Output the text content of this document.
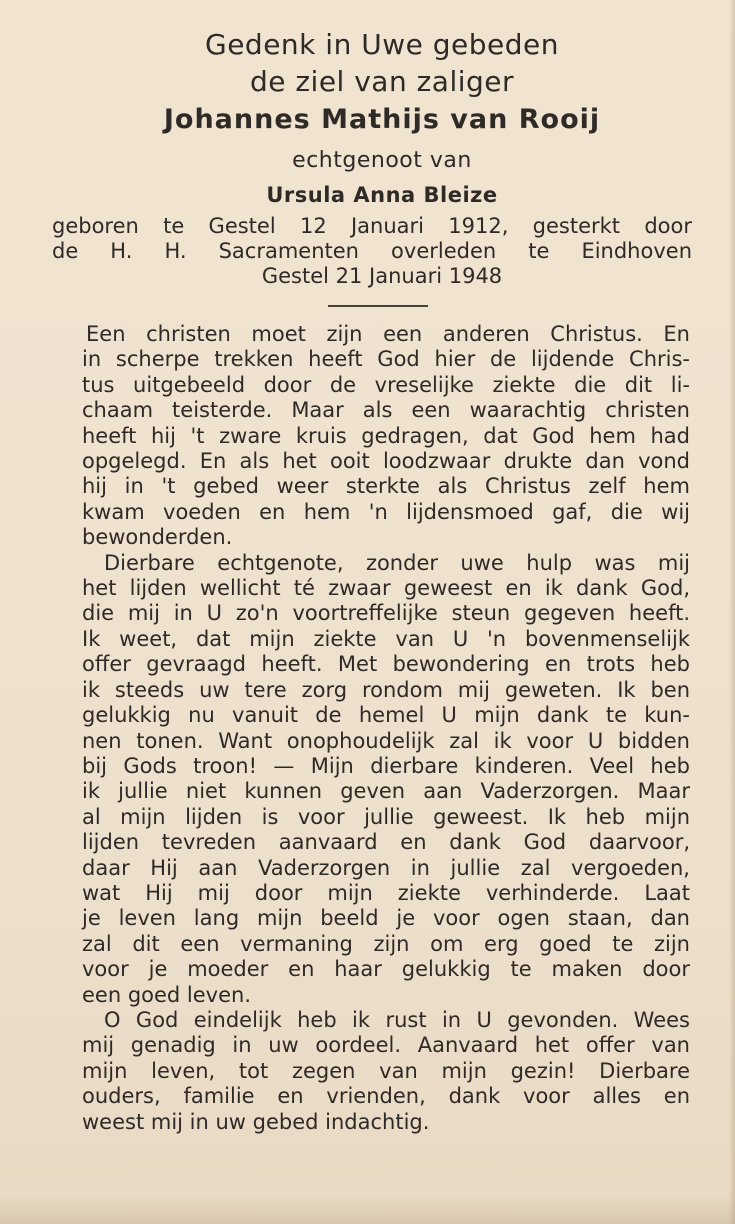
Gedenk in Uwe gebeden
de ziel van zaliger
Johannes Mathijs van Rooij
echtgenoot van
Ursula Anna Bleize
geboren te Gestel 12 Januari 1912, gesterkt door
de H. H. Sacramenten overleden te Eindhoven
Gestel 21 Januari 1948

Een christen moet zijn een anderen Christus. En
in scherpe trekken heeft God hier de lijdende Chris-
tus uitgebeeld door de vreselijke ziekte die dit li-
chaam teisterde. Maar als een waarachtig christen
heeft hij 't zware kruis gedragen, dat God hem had
opgelegd. En als het ooit loodzwaar drukte dan vond
hij in 't gebed weer sterkte als Christus zelf hem
kwam voeden en hem 'n lijdensmoed gaf, die wij
bewonderden.

Dierbare echtgenote, zonder uwe hulp was mij
het lijden wellicht té zwaar geweest en ik dank God,
die mij in U zo'n voortreffelijke steun gegeven heeft.
Ik weet, dat mijn ziekte van U 'n bovenmenselijk
offer gevraagd heeft. Met bewondering en trots heb
ik steeds uw tere zorg rondom mij geweten. Ik ben
gelukkig nu vanuit de hemel U mijn dank te kun-
nen tonen. Want onophoudelijk zal ik voor U bidden
bij Gods troon! — Mijn dierbare kinderen. Veel heb
ik jullie niet kunnen geven aan Vaderzorgen. Maar
al mijn lijden is voor jullie geweest. Ik heb mijn
lijden tevreden aanvaard en dank God daarvoor,
daar Hij aan Vaderzorgen in jullie zal vergoeden,
wat Hij mij door mijn ziekte verhinderde. Laat
je leven lang mijn beeld je voor ogen staan, dan
zal dit een vermaning zijn om erg goed te zijn
voor je moeder en haar gelukkig te maken door
een goed leven.

O God eindelijk heb ik rust in U gevonden. Wees
mij genadig in uw oordeel. Aanvaard het offer van
mijn leven, tot zegen van mijn gezin! Dierbare
ouders, familie en vrienden, dank voor alles en
weest mij in uw gebed indachtig.
